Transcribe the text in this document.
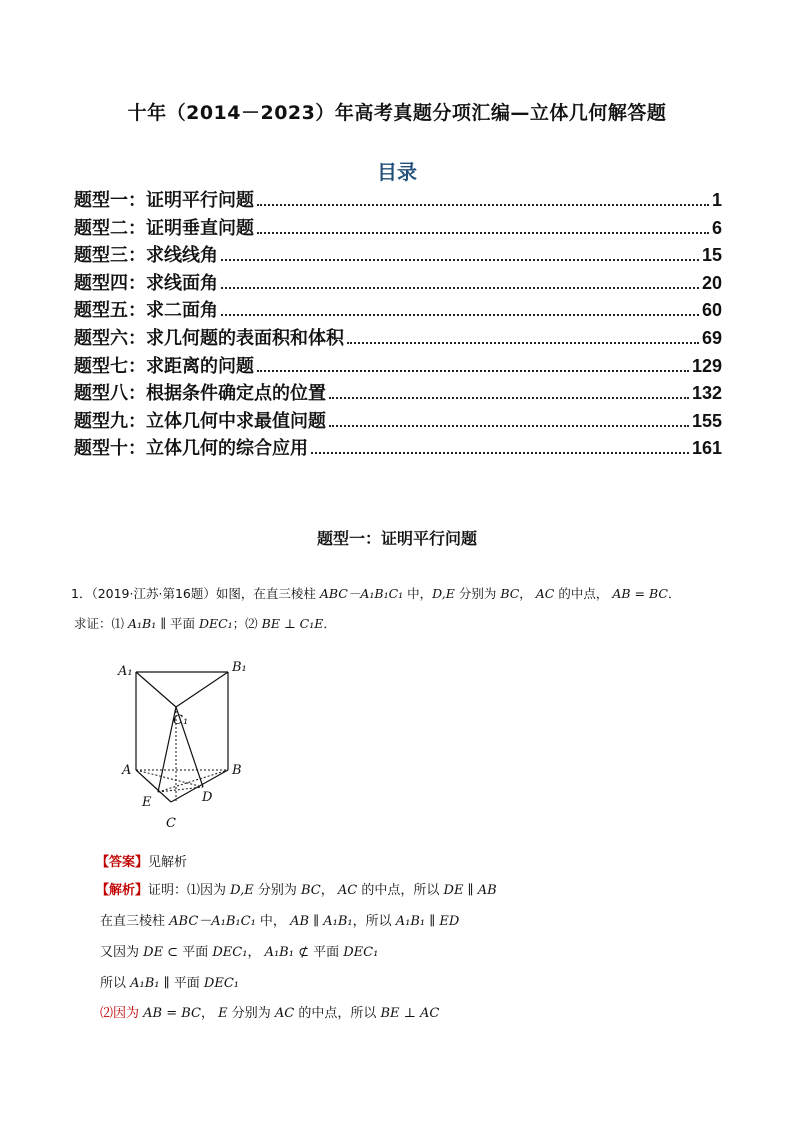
十年（2014－2023）年高考真题分项汇编—立体几何解答题
目录
题型一：证明平行问题	1
题型二：证明垂直问题	6
题型三：求线线角	15
题型四：求线面角	20
题型五：求二面角	60
题型六：求几何题的表面积和体积	69
题型七：求距离的问题	129
题型八：根据条件确定点的位置	132
题型九：立体几何中求最值问题	155
题型十：立体几何的综合应用	161
题型一：证明平行问题
1．（2019·江苏·第16题）如图，在直三棱柱 ABC－A₁B₁C₁ 中，D,E 分别为 BC， AC 的中点， AB = BC．
求证：⑴ A₁B₁ ∥ 平面 DEC₁；⑵ BE ⊥ C₁E．
A₁	B₁
C₁
A	B
C
D
E
【答案】见解析
【解析】证明：⑴因为 D,E 分别为 BC， AC 的中点，所以 DE ∥ AB
在直三棱柱 ABC－A₁B₁C₁ 中， AB ∥ A₁B₁，所以 A₁B₁ ∥ ED
又因为 DE ⊂ 平面 DEC₁， A₁B₁ ⊄ 平面 DEC₁
所以 A₁B₁ ∥ 平面 DEC₁
⑵因为 AB = BC， E 分别为 AC 的中点，所以 BE ⊥ AC
